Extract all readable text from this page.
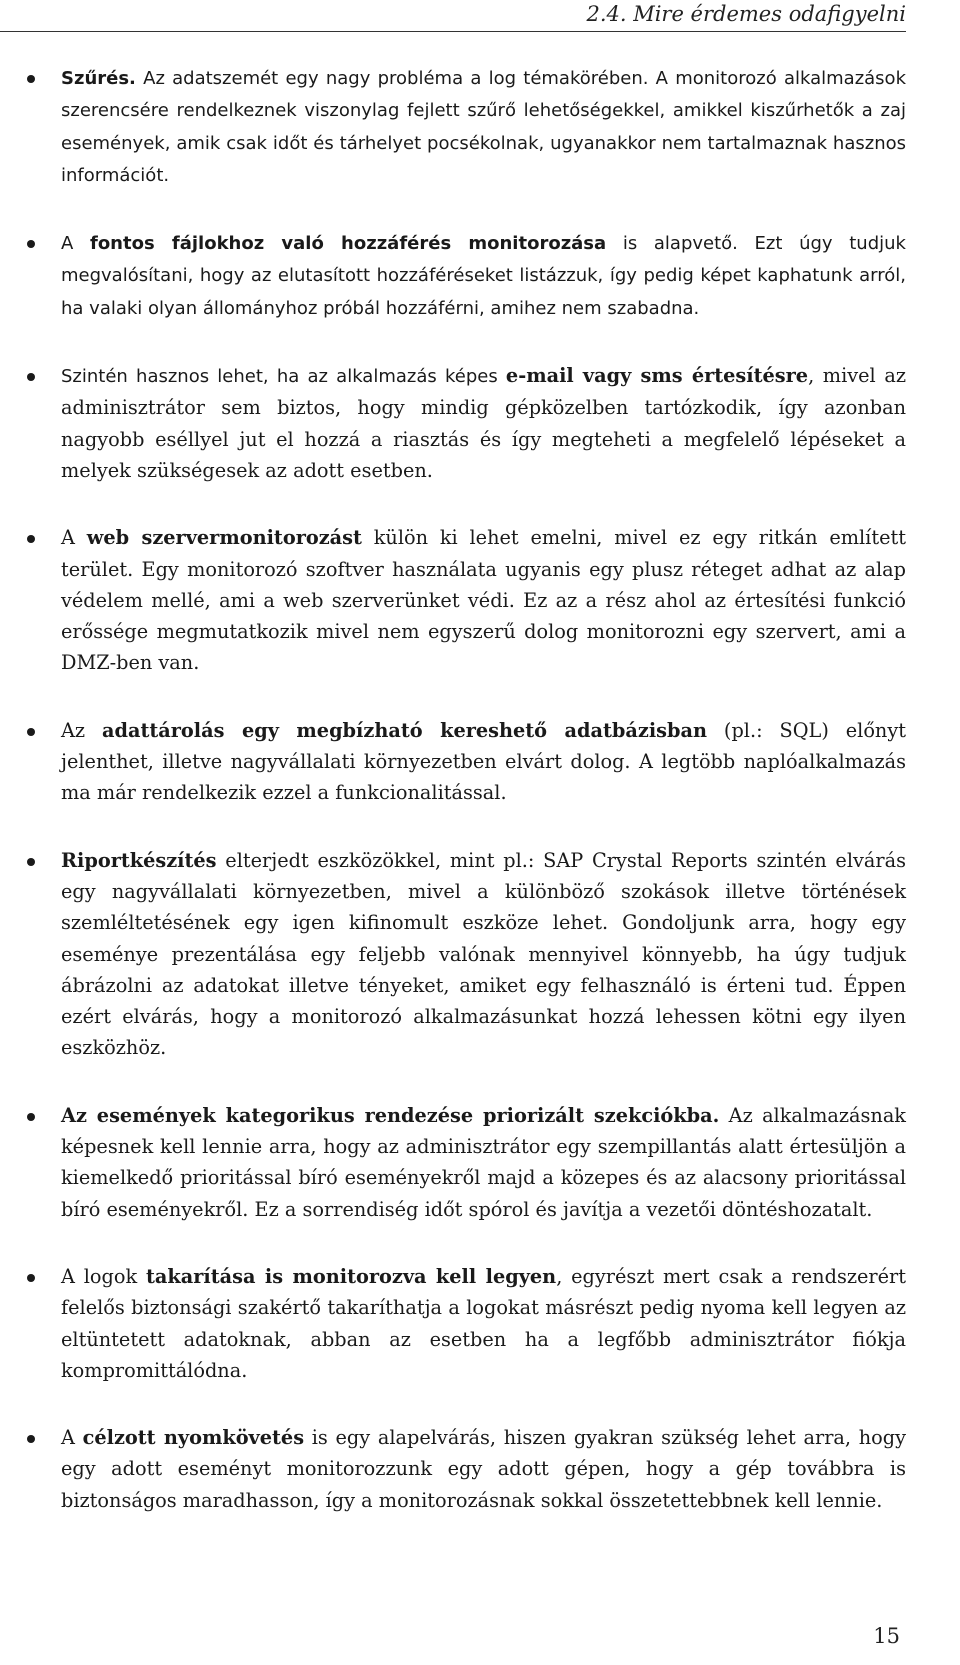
2.4. Mire érdemes odafigyelni
Szűrés. Az adatszemét egy nagy probléma a log témakörében. A monitorozó alkalmazások szerencsére rendelkeznek viszonylag fejlett szűrő lehetőségekkel, amikkel kiszűrhetők a zaj események, amik csak időt és tárhelyet pocsékolnak, ugyanakkor nem tartalmaznak hasznos információt.
A fontos fájlokhoz való hozzáférés monitorozása is alapvető. Ezt úgy tudjuk megvalósítani, hogy az elutasított hozzáféréseket listázzuk, így pedig képet kaphatunk arról, ha valaki olyan állományhoz próbál hozzáférni, amihez nem szabadna.
Szintén hasznos lehet, ha az alkalmazás képes e-mail vagy sms értesítésre, mivel az adminisztrátor sem biztos, hogy mindig gépközelben tartózkodik, így azonban nagyobb eséllyel jut el hozzá a riasztás és így megteheti a megfelelő lépéseket a melyek szükségesek az adott esetben.
A web szervermonitorozást külön ki lehet emelni, mivel ez egy ritkán említett terület. Egy monitorozó szoftver használata ugyanis egy plusz réteget adhat az alap védelem mellé, ami a web szerverünket védi. Ez az a rész ahol az értesítési funkció erőssége megmutatkozik mivel nem egyszerű dolog monitorozni egy szervert, ami a DMZ-ben van.
Az adattárolás egy megbízható kereshető adatbázisban (pl.: SQL) előnyt jelenthet, illetve nagyvállalati környezetben elvárt dolog. A legtöbb naplóalkalmazás ma már rendelkezik ezzel a funkcionalitással.
Riportkészítés elterjedt eszközökkel, mint pl.: SAP Crystal Reports szintén elvárás egy nagyvállalati környezetben, mivel a különböző szokások illetve történések szemléltetésének egy igen kifinomult eszköze lehet. Gondoljunk arra, hogy egy eseménye prezentálása egy feljebb valónak mennyivel könnyebb, ha úgy tudjuk ábrázolni az adatokat illetve tényeket, amiket egy felhasználó is érteni tud. Éppen ezért elvárás, hogy a monitorozó alkalmazásunkat hozzá lehessen kötni egy ilyen eszközhöz.
Az események kategorikus rendezése priorizált szekciókba. Az alkalmazásnak képesnek kell lennie arra, hogy az adminisztrátor egy szempillantás alatt értesüljön a kiemelkedő prioritással bíró eseményekről majd a közepes és az alacsony prioritással bíró eseményekről. Ez a sorrendiség időt spórol és javítja a vezetői döntéshozatalt.
A logok takarítása is monitorozva kell legyen, egyrészt mert csak a rendszerért felelős biztonsági szakértő takaríthatja a logokat másrészt pedig nyoma kell legyen az eltüntetett adatoknak, abban az esetben ha a legfőbb adminisztrátor fiókja kompromittálódna.
A célzott nyomkövetés is egy alapelvárás, hiszen gyakran szükség lehet arra, hogy egy adott eseményt monitorozzunk egy adott gépen, hogy a gép továbbra is biztonságos maradhasson, így a monitorozásnak sokkal összetettebbnek kell lennie.
15
